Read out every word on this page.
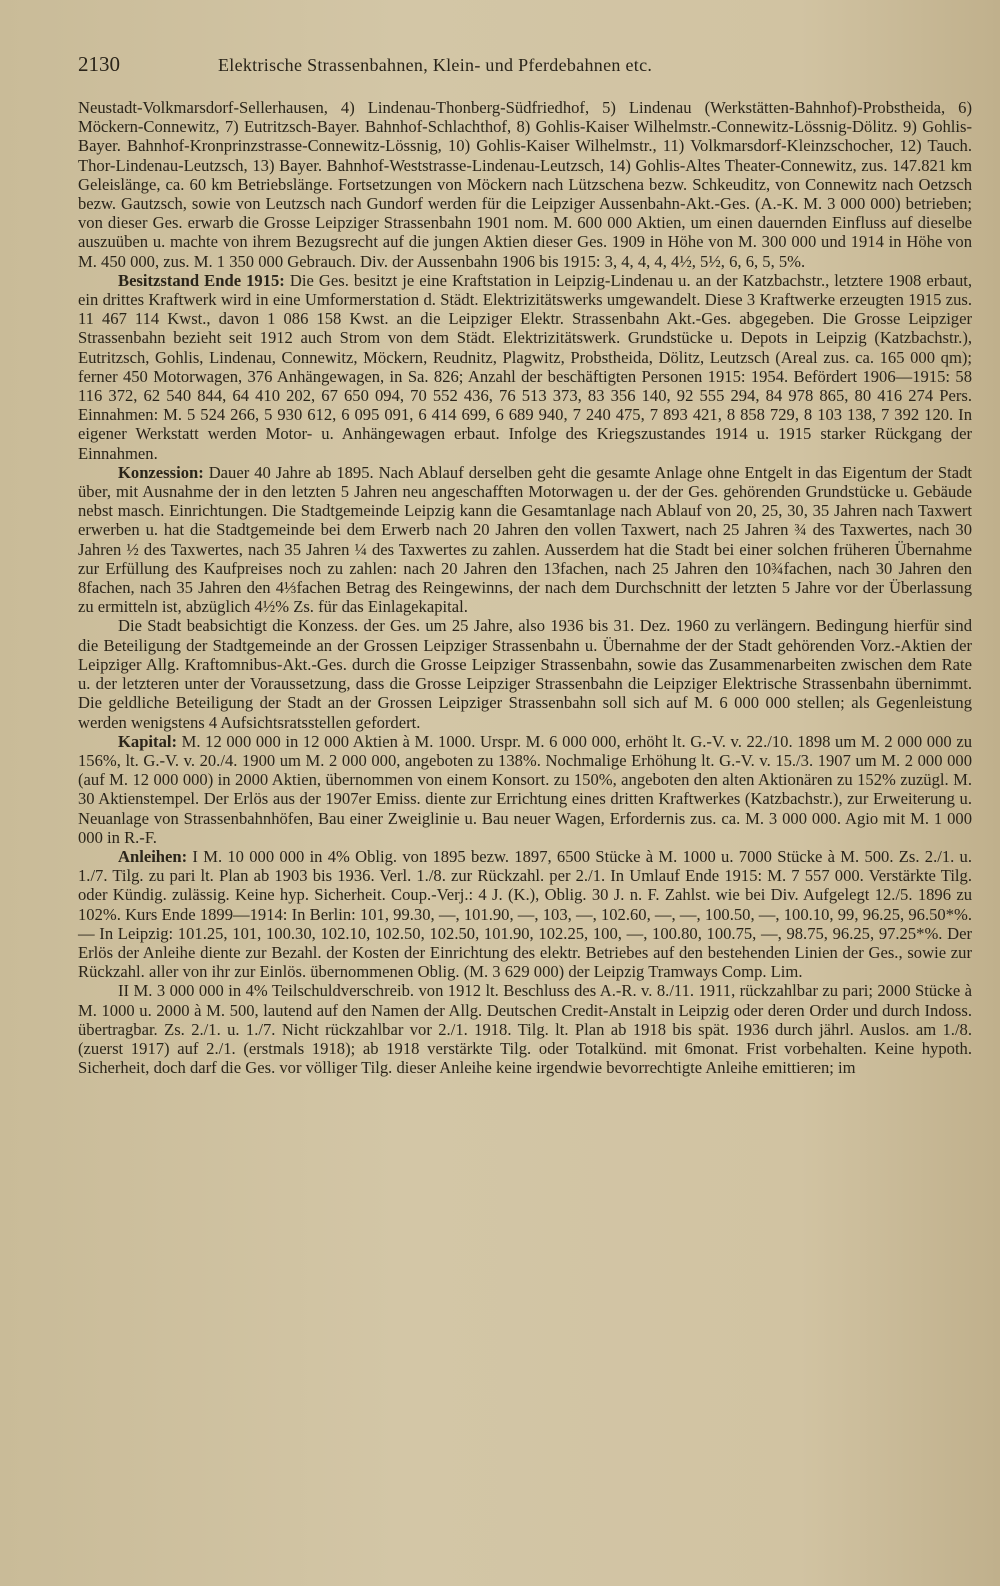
2130	Elektrische Strassenbahnen, Klein- und Pferdebahnen etc.

Neustadt-Volkmarsdorf-Sellerhausen, 4) Lindenau-Thonberg-Südfriedhof, 5) Lindenau (Werkstätten-Bahnhof)-Probstheida, 6) Möckern-Connewitz, 7) Eutritzsch-Bayer. Bahnhof-Schlachthof, 8) Gohlis-Kaiser Wilhelmstr.-Connewitz-Lössnig-Dölitz. 9) Gohlis-Bayer. Bahnhof-Kronprinzstrasse-Connewitz-Lössnig, 10) Gohlis-Kaiser Wilhelmstr., 11) Volkmarsdorf-Kleinzschocher, 12) Tauch. Thor-Lindenau-Leutzsch, 13) Bayer. Bahnhof-Weststrasse-Lindenau-Leutzsch, 14) Gohlis-Altes Theater-Connewitz, zus. 147.821 km Geleislänge, ca. 60 km Betriebslänge. Fortsetzungen von Möckern nach Lützschena bezw. Schkeuditz, von Connewitz nach Oetzsch bezw. Gautzsch, sowie von Leutzsch nach Gundorf werden für die Leipziger Aussenbahn-Akt.-Ges. (A.-K. M. 3 000 000) betrieben; von dieser Ges. erwarb die Grosse Leipziger Strassenbahn 1901 nom. M. 600 000 Aktien, um einen dauernden Einfluss auf dieselbe auszuüben u. machte von ihrem Bezugsrecht auf die jungen Aktien dieser Ges. 1909 in Höhe von M. 300 000 und 1914 in Höhe von M. 450 000, zus. M. 1 350 000 Gebrauch. Div. der Aussenbahn 1906 bis 1915: 3, 4, 4, 4, 4½, 5½, 6, 6, 5, 5%.

Besitzstand Ende 1915: Die Ges. besitzt je eine Kraftstation in Leipzig-Lindenau u. an der Katzbachstr., letztere 1908 erbaut, ein drittes Kraftwerk wird in eine Umformerstation d. Städt. Elektrizitätswerks umgewandelt. Diese 3 Kraftwerke erzeugten 1915 zus. 11 467 114 Kwst., davon 1 086 158 Kwst. an die Leipziger Elektr. Strassenbahn Akt.-Ges. abgegeben. Die Grosse Leipziger Strassenbahn bezieht seit 1912 auch Strom von dem Städt. Elektrizitätswerk. Grundstücke u. Depots in Leipzig (Katzbachstr.), Eutritzsch, Gohlis, Lindenau, Connewitz, Möckern, Reudnitz, Plagwitz, Probstheida, Dölitz, Leutzsch (Areal zus. ca. 165 000 qm); ferner 450 Motorwagen, 376 Anhängewagen, in Sa. 826; Anzahl der beschäftigten Personen 1915: 1954. Befördert 1906—1915: 58 116 372, 62 540 844, 64 410 202, 67 650 094, 70 552 436, 76 513 373, 83 356 140, 92 555 294, 84 978 865, 80 416 274 Pers. Einnahmen: M. 5 524 266, 5 930 612, 6 095 091, 6 414 699, 6 689 940, 7 240 475, 7 893 421, 8 858 729, 8 103 138, 7 392 120. In eigener Werkstatt werden Motor- u. Anhängewagen erbaut. Infolge des Kriegszustandes 1914 u. 1915 starker Rückgang der Einnahmen.

Konzession: Dauer 40 Jahre ab 1895. Nach Ablauf derselben geht die gesamte Anlage ohne Entgelt in das Eigentum der Stadt über, mit Ausnahme der in den letzten 5 Jahren neu angeschafften Motorwagen u. der der Ges. gehörenden Grundstücke u. Gebäude nebst masch. Einrichtungen. Die Stadtgemeinde Leipzig kann die Gesamtanlage nach Ablauf von 20, 25, 30, 35 Jahren nach Taxwert erwerben u. hat die Stadtgemeinde bei dem Erwerb nach 20 Jahren den vollen Taxwert, nach 25 Jahren ¾ des Taxwertes, nach 30 Jahren ½ des Taxwertes, nach 35 Jahren ¼ des Taxwertes zu zahlen. Ausserdem hat die Stadt bei einer solchen früheren Übernahme zur Erfüllung des Kaufpreises noch zu zahlen: nach 20 Jahren den 13fachen, nach 25 Jahren den 10¾fachen, nach 30 Jahren den 8fachen, nach 35 Jahren den 4⅓fachen Betrag des Reingewinns, der nach dem Durchschnitt der letzten 5 Jahre vor der Überlassung zu ermitteln ist, abzüglich 4½% Zs. für das Einlagekapital.

Die Stadt beabsichtigt die Konzess. der Ges. um 25 Jahre, also 1936 bis 31. Dez. 1960 zu verlängern. Bedingung hierfür sind die Beteiligung der Stadtgemeinde an der Grossen Leipziger Strassenbahn u. Übernahme der der Stadt gehörenden Vorz.-Aktien der Leipziger Allg. Kraftomnibus-Akt.-Ges. durch die Grosse Leipziger Strassenbahn, sowie das Zusammenarbeiten zwischen dem Rate u. der letzteren unter der Voraussetzung, dass die Grosse Leipziger Strassenbahn die Leipziger Elektrische Strassenbahn übernimmt. Die geldliche Beteiligung der Stadt an der Grossen Leipziger Strassenbahn soll sich auf M. 6 000 000 stellen; als Gegenleistung werden wenigstens 4 Aufsichtsratsstellen gefordert.

Kapital: M. 12 000 000 in 12 000 Aktien à M. 1000. Urspr. M. 6 000 000, erhöht lt. G.-V. v. 22./10. 1898 um M. 2 000 000 zu 156%, lt. G.-V. v. 20./4. 1900 um M. 2 000 000, angeboten zu 138%. Nochmalige Erhöhung lt. G.-V. v. 15./3. 1907 um M. 2 000 000 (auf M. 12 000 000) in 2000 Aktien, übernommen von einem Konsort. zu 150%, angeboten den alten Aktionären zu 152% zuzügl. M. 30 Aktienstempel. Der Erlös aus der 1907er Emiss. diente zur Errichtung eines dritten Kraftwerkes (Katzbachstr.), zur Erweiterung u. Neuanlage von Strassenbahnhöfen, Bau einer Zweiglinie u. Bau neuer Wagen, Erfordernis zus. ca. M. 3 000 000. Agio mit M. 1 000 000 in R.-F.

Anleihen: I M. 10 000 000 in 4% Oblig. von 1895 bezw. 1897, 6500 Stücke à M. 1000 u. 7000 Stücke à M. 500. Zs. 2./1. u. 1./7. Tilg. zu pari lt. Plan ab 1903 bis 1936. Verl. 1./8. zur Rückzahl. per 2./1. In Umlauf Ende 1915: M. 7 557 000. Verstärkte Tilg. oder Kündig. zulässig. Keine hyp. Sicherheit. Coup.-Verj.: 4 J. (K.), Oblig. 30 J. n. F. Zahlst. wie bei Div. Aufgelegt 12./5. 1896 zu 102%. Kurs Ende 1899—1914: In Berlin: 101, 99.30, —, 101.90, —, 103, —, 102.60, —, —, 100.50, —, 100.10, 99, 96.25, 96.50*%. — In Leipzig: 101.25, 101, 100.30, 102.10, 102.50, 102.50, 101.90, 102.25, 100, —, 100.80, 100.75, —, 98.75, 96.25, 97.25*%. Der Erlös der Anleihe diente zur Bezahl. der Kosten der Einrichtung des elektr. Betriebes auf den bestehenden Linien der Ges., sowie zur Rückzahl. aller von ihr zur Einlös. übernommenen Oblig. (M. 3 629 000) der Leipzig Tramways Comp. Lim.

II M. 3 000 000 in 4% Teilschuldverschreib. von 1912 lt. Beschluss des A.-R. v. 8./11. 1911, rückzahlbar zu pari; 2000 Stücke à M. 1000 u. 2000 à M. 500, lautend auf den Namen der Allg. Deutschen Credit-Anstalt in Leipzig oder deren Order und durch Indoss. übertragbar. Zs. 2./1. u. 1./7. Nicht rückzahlbar vor 2./1. 1918. Tilg. lt. Plan ab 1918 bis spät. 1936 durch jährl. Auslos. am 1./8. (zuerst 1917) auf 2./1. (erstmals 1918); ab 1918 verstärkte Tilg. oder Totalkünd. mit 6monat. Frist vorbehalten. Keine hypoth. Sicherheit, doch darf die Ges. vor völliger Tilg. dieser Anleihe keine irgendwie bevorrechtigte Anleihe emittieren; im
